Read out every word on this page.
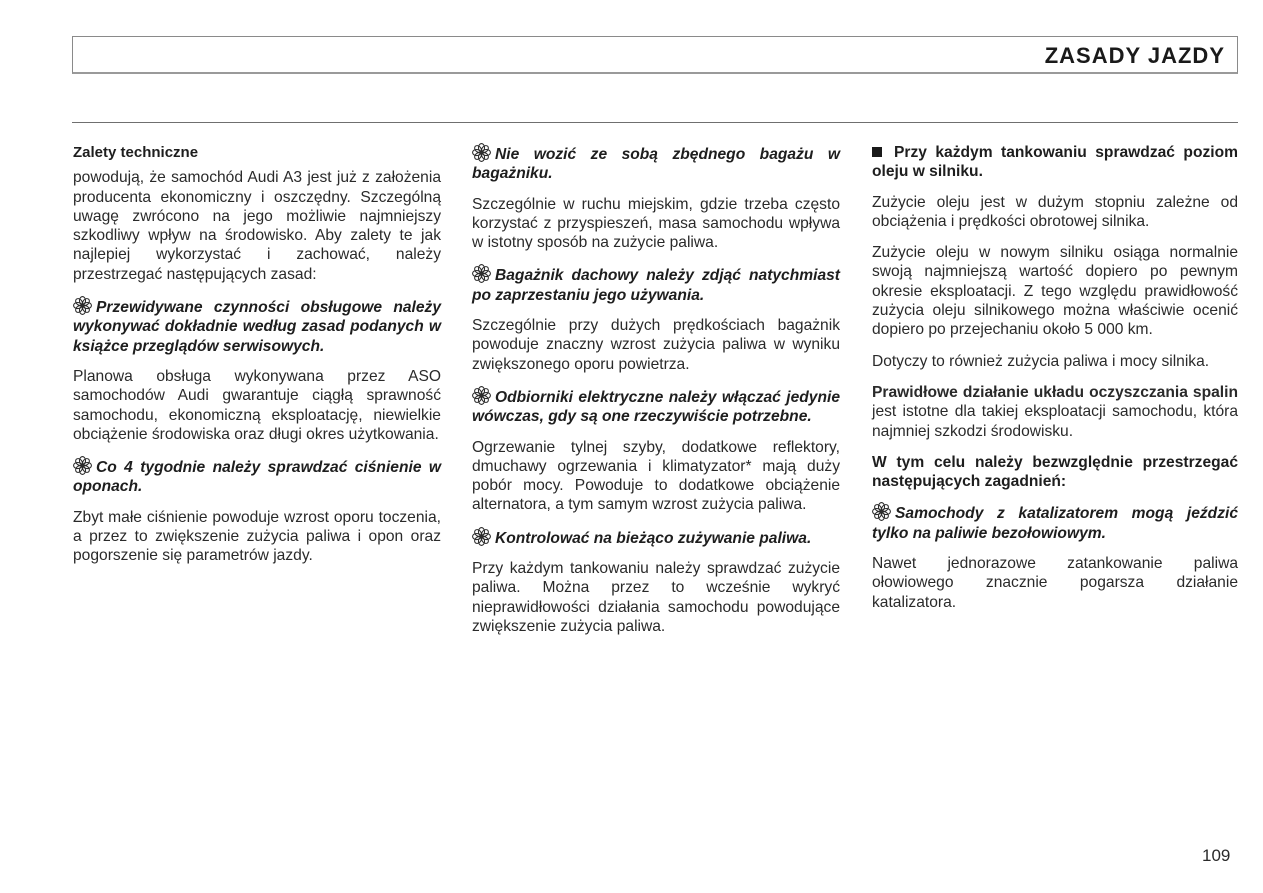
ZASADY JAZDY
Zalety techniczne

powodują, że samochód Audi A3 jest już z założenia producenta ekonomiczny i oszczędny. Szczególną uwagę zwrócono na jego możliwie najmniejszy szkodliwy wpływ na środowisko. Aby zalety te jak najlepiej wykorzystać i zachować, należy przestrzegać następujących zasad:

Przewidywane czynności obsługowe należy wykonywać dokładnie według zasad podanych w książce przeglądów serwisowych.

Planowa obsługa wykonywana przez ASO samochodów Audi gwarantuje ciągłą sprawność samochodu, ekonomiczną eksploatację, niewielkie obciążenie środowiska oraz długi okres użytkowania.

Co 4 tygodnie należy sprawdzać ciśnienie w oponach.

Zbyt małe ciśnienie powoduje wzrost oporu toczenia, a przez to zwiększenie zużycia paliwa i opon oraz pogorszenie się parametrów jazdy.

Nie wozić ze sobą zbędnego bagażu w bagażniku.

Szczególnie w ruchu miejskim, gdzie trzeba często korzystać z przyspieszeń, masa samochodu wpływa w istotny sposób na zużycie paliwa.

Bagażnik dachowy należy zdjąć natychmiast po zaprzestaniu jego używania.

Szczególnie przy dużych prędkościach bagażnik powoduje znaczny wzrost zużycia paliwa w wyniku zwiększonego oporu powietrza.

Odbiorniki elektryczne należy włączać jedynie wówczas, gdy są one rzeczywiście potrzebne.

Ogrzewanie tylnej szyby, dodatkowe reflektory, dmuchawy ogrzewania i klimatyzator* mają duży pobór mocy. Powoduje to dodatkowe obciążenie alternatora, a tym samym wzrost zużycia paliwa.

Kontrolować na bieżąco zużywanie paliwa.

Przy każdym tankowaniu należy sprawdzać zużycie paliwa. Można przez to wcześnie wykryć nieprawidłowości działania samochodu powodujące zwiększenie zużycia paliwa.

Przy każdym tankowaniu sprawdzać poziom oleju w silniku.

Zużycie oleju jest w dużym stopniu zależne od obciążenia i prędkości obrotowej silnika.

Zużycie oleju w nowym silniku osiąga normalnie swoją najmniejszą wartość dopiero po pewnym okresie eksploatacji. Z tego względu prawidłowość zużycia oleju silnikowego można właściwie ocenić dopiero po przejechaniu około 5 000 km.

Dotyczy to również zużycia paliwa i mocy silnika.

Prawidłowe działanie układu oczyszczania spalin jest istotne dla takiej eksploatacji samochodu, która najmniej szkodzi środowisku.

W tym celu należy bezwzględnie przestrzegać następujących zagadnień:
Samochody z katalizatorem mogą jeździć tylko na paliwie bezołowiowym.

Nawet jednorazowe zatankowanie paliwa ołowiowego znacznie pogarsza działanie katalizatora.

109
